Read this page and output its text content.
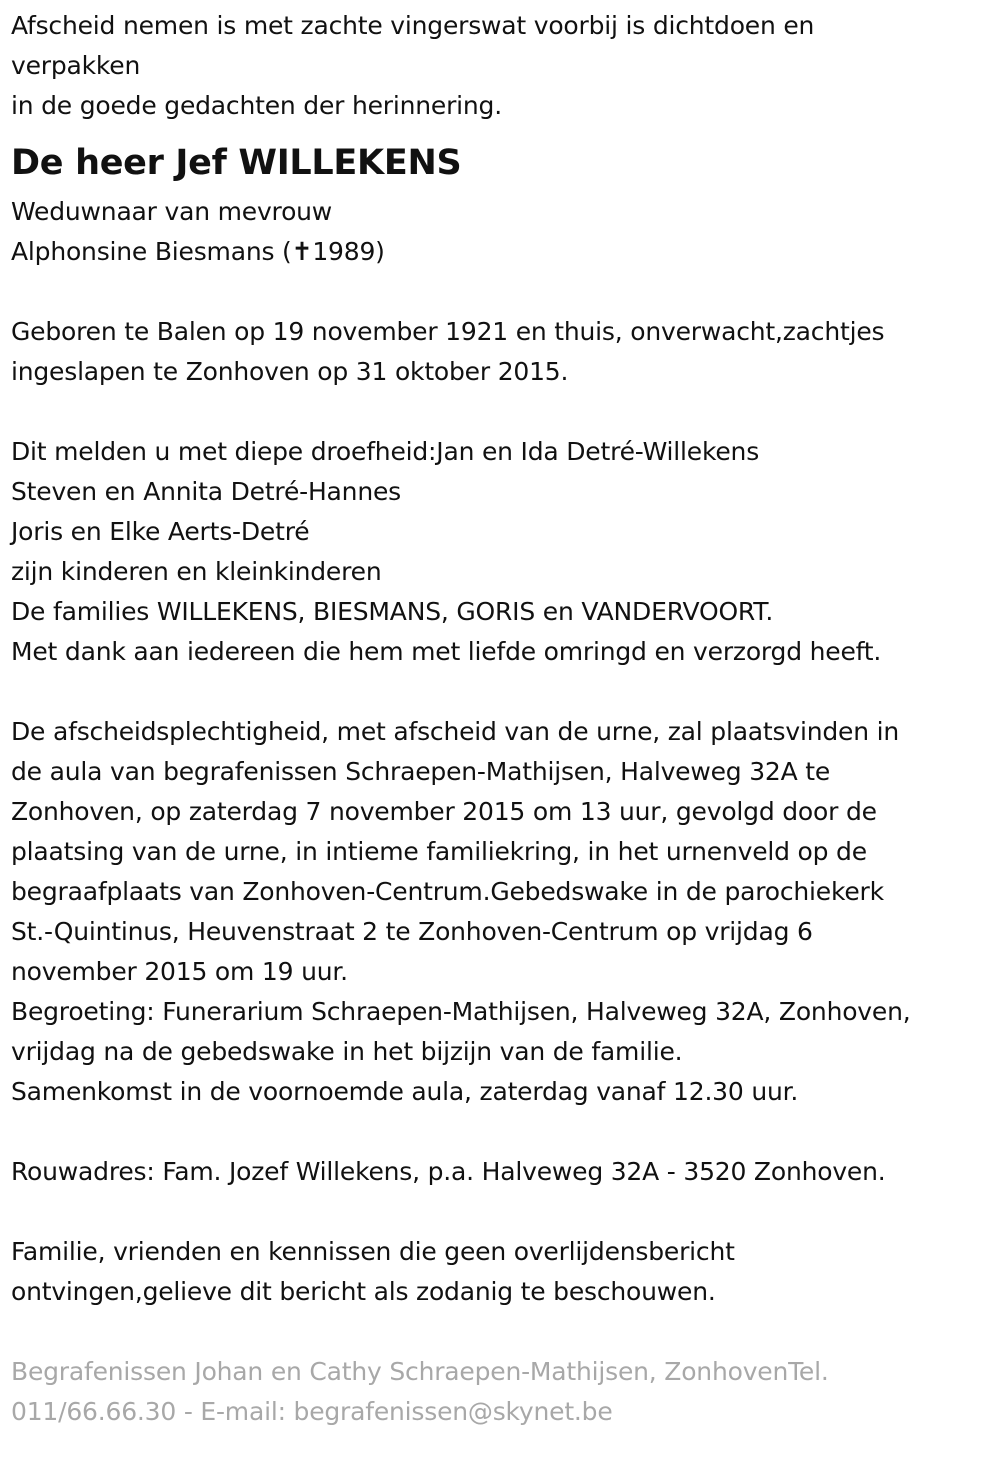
Afscheid nemen is met zachte vingerswat voorbij is dichtdoen en
verpakken
in de goede gedachten der herinnering.
De heer Jef WILLEKENS
Weduwnaar van mevrouw
Alphonsine Biesmans (✝1989)
Geboren te Balen op 19 november 1921 en thuis, onverwacht,zachtjes
ingeslapen te Zonhoven op 31 oktober 2015.
Dit melden u met diepe droefheid:Jan en Ida Detré-Willekens
Steven en Annita Detré-Hannes
Joris en Elke Aerts-Detré
zijn kinderen en kleinkinderen
De families WILLEKENS, BIESMANS, GORIS en VANDERVOORT.
Met dank aan iedereen die hem met liefde omringd en verzorgd heeft.
De afscheidsplechtigheid, met afscheid van de urne, zal plaatsvinden in
de aula van begrafenissen Schraepen-Mathijsen, Halveweg 32A te
Zonhoven, op zaterdag 7 november 2015 om 13 uur, gevolgd door de
plaatsing van de urne, in intieme familiekring, in het urnenveld op de
begraafplaats van Zonhoven-Centrum.Gebedswake in de parochiekerk
St.-Quintinus, Heuvenstraat 2 te Zonhoven-Centrum op vrijdag 6
november 2015 om 19 uur.
Begroeting: Funerarium Schraepen-Mathijsen, Halveweg 32A, Zonhoven,
vrijdag na de gebedswake in het bijzijn van de familie.
Samenkomst in de voornoemde aula, zaterdag vanaf 12.30 uur.
Rouwadres: Fam. Jozef Willekens, p.a. Halveweg 32A - 3520 Zonhoven.
Familie, vrienden en kennissen die geen overlijdensbericht
ontvingen,gelieve dit bericht als zodanig te beschouwen.
Begrafenissen Johan en Cathy Schraepen-Mathijsen, ZonhovenTel.
011/66.66.30 - E-mail: begrafenissen@skynet.be
